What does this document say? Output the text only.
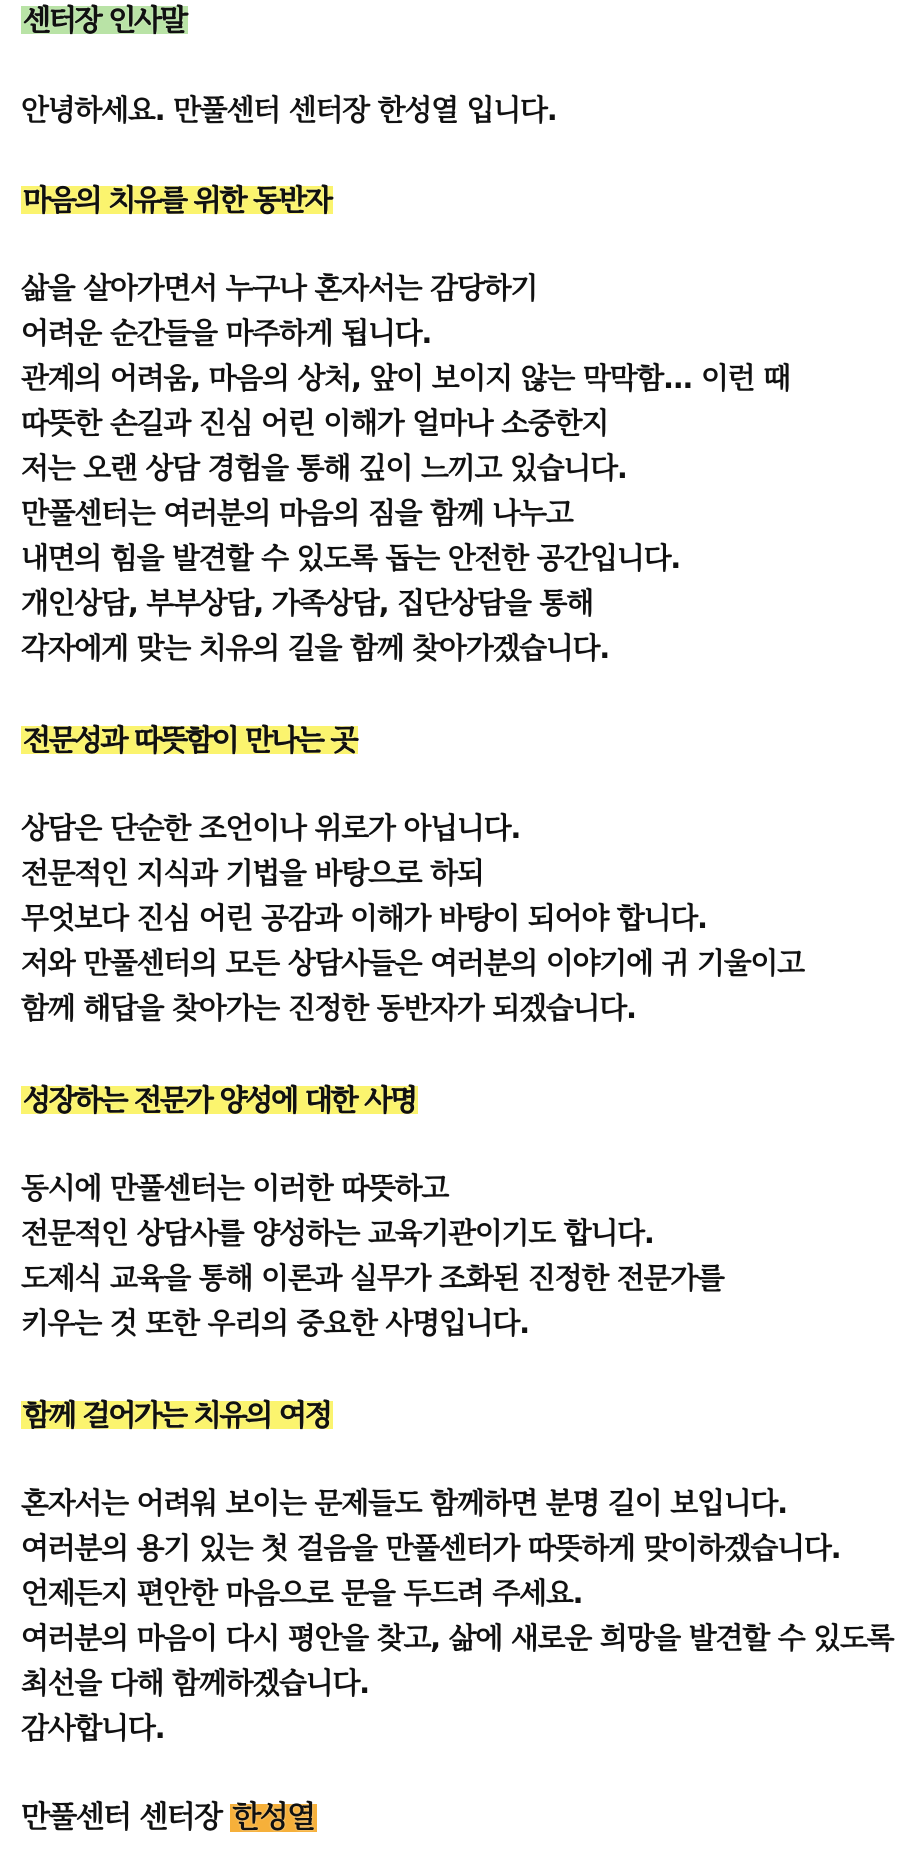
센터장 인사말
안녕하세요. 만풀센터 센터장 한성열 입니다.
마음의 치유를 위한 동반자
삶을 살아가면서 누구나 혼자서는 감당하기
어려운 순간들을 마주하게 됩니다.
관계의 어려움, 마음의 상처, 앞이 보이지 않는 막막함... 이런 때
따뜻한 손길과 진심 어린 이해가 얼마나 소중한지
저는 오랜 상담 경험을 통해 깊이 느끼고 있습니다.
만풀센터는 여러분의 마음의 짐을 함께 나누고
내면의 힘을 발견할 수 있도록 돕는 안전한 공간입니다.
개인상담, 부부상담, 가족상담, 집단상담을 통해
각자에게 맞는 치유의 길을 함께 찾아가겠습니다.
전문성과 따뜻함이 만나는 곳
상담은 단순한 조언이나 위로가 아닙니다.
전문적인 지식과 기법을 바탕으로 하되
무엇보다 진심 어린 공감과 이해가 바탕이 되어야 합니다.
저와 만풀센터의 모든 상담사들은 여러분의 이야기에 귀 기울이고
함께 해답을 찾아가는 진정한 동반자가 되겠습니다.
성장하는 전문가 양성에 대한 사명
동시에 만풀센터는 이러한 따뜻하고
전문적인 상담사를 양성하는 교육기관이기도 합니다.
도제식 교육을 통해 이론과 실무가 조화된 진정한 전문가를
키우는 것 또한 우리의 중요한 사명입니다.
함께 걸어가는 치유의 여정
혼자서는 어려워 보이는 문제들도 함께하면 분명 길이 보입니다.
여러분의 용기 있는 첫 걸음을 만풀센터가 따뜻하게 맞이하겠습니다.
언제든지 편안한 마음으로 문을 두드려 주세요.
여러분의 마음이 다시 평안을 찾고, 삶에 새로운 희망을 발견할 수 있도록
최선을 다해 함께하겠습니다.
감사합니다.
만풀센터 센터장 한성열
